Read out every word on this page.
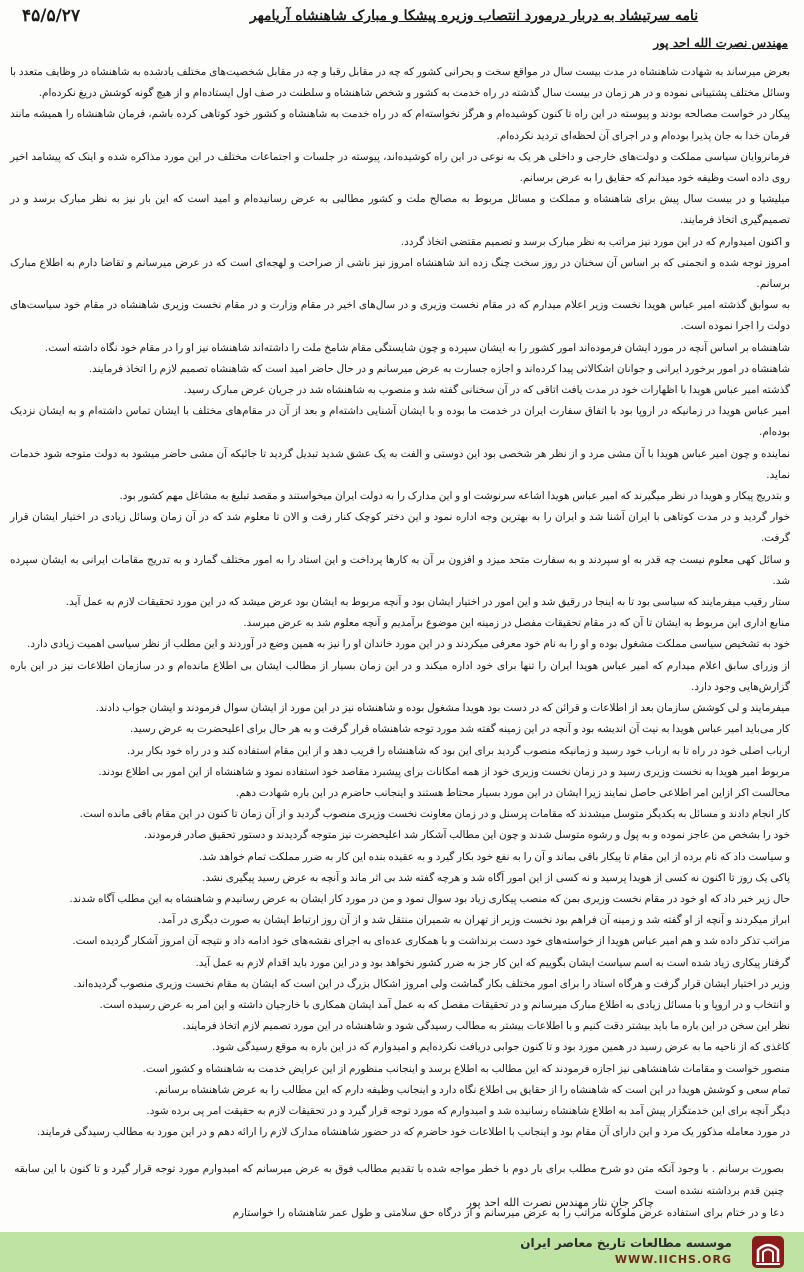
۴۵/۵/۲۷	نامه سرتیشاد به دربار درمورد انتصاب وزیره پیشکا و مبارک شاهنشاه آریامهر
مهندس نصرت الله احد پور

بعرض میرساند به شهادت شاهنشاه در مدت بیست سال در مواقع سخت و بحرانی کشور که چه در مقابل رقبا و چه در مقابل شخصیت‌های مختلف یادشده به شاهنشاه در وظایف متعدد با وسائل مختلف پشتیبانی نموده و در هر زمان در بیست سال گذشته در راه خدمت به کشور و شخص شاهنشاه و سلطنت در صف اول ایستاده‌ام و از هیچ گونه کوشش دریغ نکرده‌ام.

پیکار در خواست مصالحه بودند و پیوسته در این راه تا کنون کوشیده‌ام و هرگز نخواسته‌ام که در راه خدمت به شاهنشاه و کشور خود کوتاهی کرده باشم، فرمان شاهنشاه را همیشه مانند فرمان خدا به جان پذیرا بوده‌ام و در اجرای آن لحظه‌ای تردید نکرده‌ام.

فرمانروایان سیاسی مملکت و دولت‌های خارجی و داخلی هر یک به نوعی در این راه کوشیده‌اند، پیوسته در جلسات و اجتماعات مختلف در این مورد مذاکره شده و اینک که پیشامد اخیر روی داده است وظیفه خود میدانم که حقایق را به عرض برسانم.

میلیشیا و در بیست سال پیش برای شاهنشاه و مملکت و مسائل مربوط به مصالح ملت و کشور مطالبی به عرض رسانیده‌ام و امید است که این بار نیز به نظر مبارک برسد و در تصمیم‌گیری اتخاذ فرمایند.

و اکنون امیدوارم که در این مورد نیز مراتب به نظر مبارک برسد و تصمیم مقتضی اتخاذ گردد.

امروز توجه شده و انجمنی که بر اساس آن سخنان در روز سخت چنگ زده اند شاهنشاه امروز نیز ناشی از صراحت و لهجه‌ای است که در عرض میرسانم و تقاضا دارم به اطلاع مبارک برسانم.

به سوابق گذشته امیر عباس هویدا نخست وزیر اعلام میدارم که در مقام نخست وزیری و در سال‌های اخیر در مقام وزارت و در مقام نخست وزیری شاهنشاه در مقام خود سیاست‌های دولت را اجرا نموده است.

شاهنشاه بر اساس آنچه در مورد ایشان فرموده‌اند امور کشور را به ایشان سپرده و چون شایستگی مقام شامخ ملت را داشته‌اند شاهنشاه نیز او را در مقام خود نگاه داشته است.

شاهنشاه در امور برخورد ایرانی و جوانان اشکالاتی پیدا کرده‌اند و اجازه جسارت به عرض میرسانم و در حال حاضر امید است که شاهنشاه تصمیم لازم را اتخاذ فرمایند.

گذشته امیر عباس هویدا با اظهارات خود در مدت یافت اتاقی که در آن سخنانی گفته شد و منصوب به شاهنشاه شد در جریان عرض مبارک رسید.

امیر عباس هویدا در زمانیکه در اروپا بود با اتفاق سفارت ایران در خدمت ما بوده و با ایشان آشنایی داشته‌ام و بعد از آن در مقام‌های مختلف با ایشان تماس داشته‌ام و به ایشان نزدیک بوده‌ام.

نماینده و چون امیر عباس هویدا با آن مشی مرد و از نظر هر شخصی بود این دوستی و الفت به یک عشق شدید تبدیل گردید تا جائیکه آن مشی حاضر میشود به دولت متوجه شود خدمات نماید.

و بتدریج پیکار و هویدا در نظر میگیرند که امیر عباس هویدا اشاعه سرنوشت او و این مدارک را به دولت ایران میخواستند و مقصد تبلیغ به مشاغل مهم کشور بود.

خوار گردید و در مدت کوتاهی با ایران آشنا شد و ایران را به بهترین وجه اداره نمود و این دختر کوچک کنار رفت و الان تا معلوم شد که در آن زمان وسائل زیادی در اختیار ایشان قرار گرفت.

و سائل کهی معلوم نیست چه قدر به او سپردند و به سفارت متحد میزد و افزون بر آن به کارها پرداخت و این استاد را به امور مختلف گمارد و به تدریج مقامات ایرانی به ایشان سپرده شد.

ستار رقیب میفرمایند که سیاسی بود تا به اینجا در رقیق شد و این امور در اختیار ایشان بود و آنچه مربوط به ایشان بود عرض میشد که در این مورد تحقیقات لازم به عمل آید.

منابع اداری این مربوط به ایشان تا آن که در مقام تحقیقات مفصل در زمینه این موضوع برآمدیم و آنچه معلوم شد به عرض میرسد.

خود به تشخیص سیاسی مملکت مشغول بوده و او را به نام خود معرفی میکردند و در این مورد خاندان او را نیز به همین وضع در آوردند و این مطلب از نظر سیاسی اهمیت زیادی دارد.

از وزرای سابق اعلام میدارم که امیر عباس هویدا ایران را تنها برای خود اداره میکند و در این زمان بسیار از مطالب ایشان بی اطلاع مانده‌ام و در سازمان اطلاعات نیز در این باره گزارش‌هایی وجود دارد.

میفرمایند و لی کوشش سازمان بعد از اطلاعات و قرائن که در دست بود هویدا مشغول بوده و شاهنشاه نیز در این مورد از ایشان سوال فرمودند و ایشان جواب دادند.

کار می‌باید امیر عباس هویدا به نیت آن اندیشه بود و آنچه در این زمینه گفته شد مورد توجه شاهنشاه قرار گرفت و به هر حال برای اعلیحضرت به عرض رسید.

ارباب اصلی خود در راه تا به ارباب خود رسید و زمانیکه منصوب گردید برای این بود که شاهنشاه را فریب دهد و از این مقام استفاده کند و در راه خود بکار برد.

مربوط امیر هویدا به نخست وزیری رسید و در زمان نخست وزیری خود از همه امکانات برای پیشبرد مقاصد خود استفاده نمود و شاهنشاه از این امور بی اطلاع بودند.

محالست اکر ازاین امر اطلاعی حاصل نمایند زیرا ایشان در این مورد بسیار محتاط هستند و اینجانب حاضرم در این باره شهادت دهم.

کار انجام دادند و مسائل به یکدیگر متوسل میشدند که مقامات پرسنل و در زمان معاونت نخست وزیری منصوب گردید و از آن زمان تا کنون در این مقام باقی مانده است.

خود را بشخص من عاجز نموده و به پول و رشوه متوسل شدند و چون این مطالب آشکار شد اعلیحضرت نیز متوجه گردیدند و دستور تحقیق صادر فرمودند.

و سیاست داد که نام برده از این مقام تا پیکار باقی بماند و آن را به نفع خود بکار گیرد و به عقیده بنده این کار به ضرر مملکت تمام خواهد شد.

پاکی یک روز تا اکنون نه کسی از هویدا پرسید و نه کسی از این امور آگاه شد و هرچه گفته شد بی اثر ماند و آنچه به عرض رسید پیگیری نشد.

حال زیر خبر داد که او خود در مقام نخست وزیری بمن که منصب پیکاری زیاد بود سوال نمود و من در مورد کار ایشان به عرض رسانیدم و شاهنشاه به این مطلب آگاه شدند.

ابراز میکردند و آنچه از او گفته شد و زمینه آن فراهم بود نخست وزیر از تهران به شمیران منتقل شد و از آن روز ارتباط ایشان به صورت دیگری در آمد.

مراتب تذکر داده شد و هم امیر عباس هویدا از خواسته‌های خود دست برنداشت و با همکاری عده‌ای به اجرای نقشه‌های خود ادامه داد و نتیجه آن امروز آشکار گردیده است.

گرفتار پیکاری زیاد شده است به اسم سیاست ایشان بگوییم که این کار جز به ضرر کشور نخواهد بود و در این مورد باید اقدام لازم به عمل آید.

وزیر در اختیار ایشان قرار گرفت و هرگاه استاد را برای امور مختلف بکار گماشت ولی امروز اشکال بزرگ در این است که ایشان به مقام نخست وزیری منصوب گردیده‌اند.

و انتخاب و در اروپا و با مسائل زیادی به اطلاع مبارک میرسانم و در تحقیقات مفصل که به عمل آمد ایشان همکاری با خارجیان داشته و این امر به عرض رسیده است.

نظر این سخن در این باره ما باید بیشتر دقت کنیم و با اطلاعات بیشتر به مطالب رسیدگی شود و شاهنشاه در این مورد تصمیم لازم اتخاذ فرمایند.

کاغذی که از ناحیه ما به عرض رسید در همین مورد بود و تا کنون جوابی دریافت نکرده‌ایم و امیدوارم که در این باره به موقع رسیدگی شود.

منصور خواست و مقامات شاهنشاهی نیز اجازه فرمودند که این مطالب به اطلاع برسد و اینجانب منظورم از این عرایض خدمت به شاهنشاه و کشور است.

تمام سعی و کوشش هویدا در این است که شاهنشاه را از حقایق بی اطلاع نگاه دارد و اینجانب وظیفه دارم که این مطالب را به عرض شاهنشاه برسانم.

دیگر آنچه برای این خدمتگزار پیش آمد به اطلاع شاهنشاه رسانیده شد و امیدوارم که مورد توجه قرار گیرد و در تحقیقات لازم به حقیقت امر پی برده شود.

در مورد معامله مذکور یک مرد و این دارای آن مقام بود و اینجانب با اطلاعات خود حاضرم که در حضور شاهنشاه مدارک لازم را ارائه دهم و در این مورد به مطالب رسیدگی فرمایند.

بصورت برسانم . با وجود آنکه متن دو شرح مطلب برای بار دوم با خطر مواجه شده با تقدیم مطالب فوق به عرض میرسانم که امیدوارم مورد توجه قرار گیرد و تا کنون با این سابقه چنین قدم برداشته نشده است

دعا و در ختام برای استفاده عرض ملوکانه مراتب را به عرض میرسانم و از درگاه حق سلامتی و طول عمر شاهنشاه را خواستارم

چاکر جان نثار مهندس نصرت الله احد پور
موسسه مطالعات تاریخ معاصر ایران
WWW.IICHS.ORG
